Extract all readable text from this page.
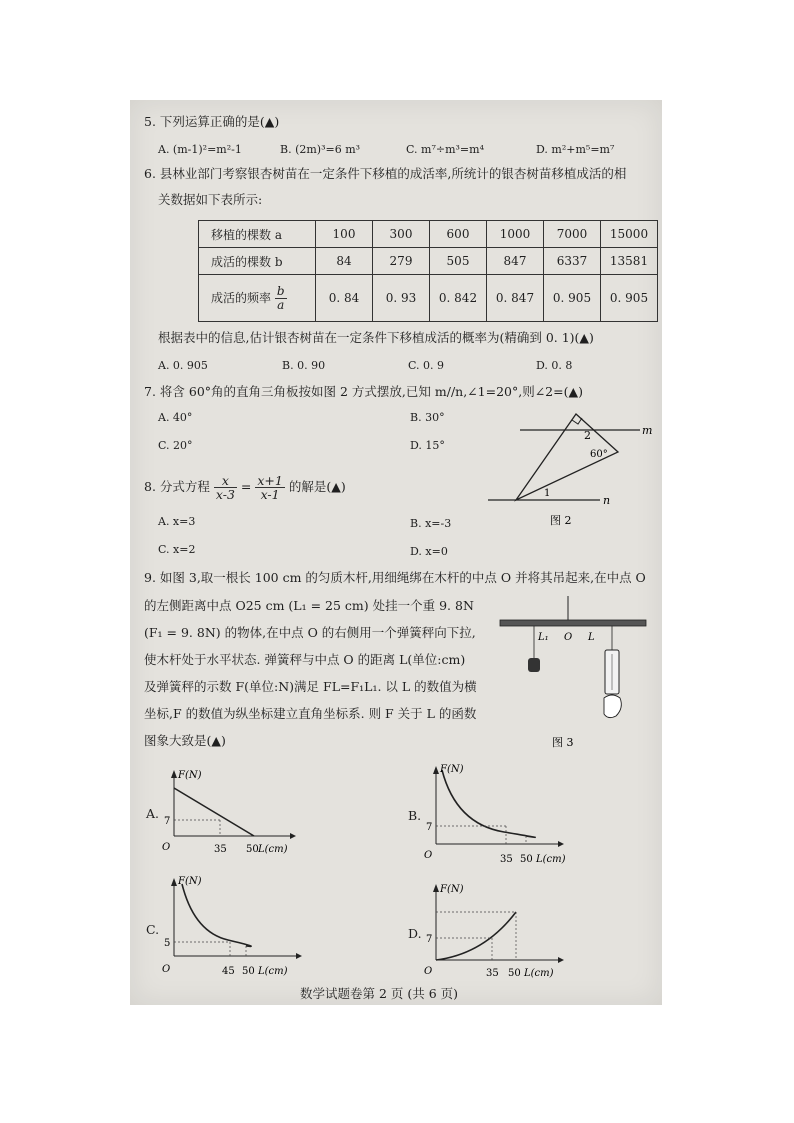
5. 下列运算正确的是(▲)
A. (m-1)²=m²-1	B. (2m)³=6 m³	C. m⁷÷m³=m⁴	D. m²+m⁵=m⁷
6. 县林业部门考察银杏树苗在一定条件下移植的成活率,所统计的银杏树苗移植成活的相
关数据如下表所示:
移植的棵数 a	100	300	600	1000	7000	15000
成活的棵数 b	84	279	505	847	6337	13581
成活的频率 $\frac{b}{a}$	0. 84	0. 93	0. 842	0. 847	0. 905	0. 905
根据表中的信息,估计银杏树苗在一定条件下移植成活的概率为(精确到 0. 1)(▲)
A. 0. 905	B. 0. 90	C. 0. 9	D. 0. 8
7. 将含 60°角的直角三角板按如图 2 方式摆放,已知 m//n,∠1=20°,则∠2=(▲)
A. 40°	B. 30°
C. 20°	D. 15°
2	m
60°
1
n
图 2
8. 分式方程 $\frac{x}{x-3} = \frac{x+1}{x-1}$ 的解是(▲)
A. x=3	B. x=-3
C. x=2	D. x=0
9. 如图 3,取一根长 100 cm 的匀质木杆,用细绳绑在木杆的中点 O 并将其吊起来,在中点 O
的左侧距离中点 O25 cm (L₁ = 25 cm) 处挂一个重 9. 8N
(F₁ = 9. 8N) 的物体,在中点 O 的右侧用一个弹簧秤向下拉,
使木杆处于水平状态. 弹簧秤与中点 O 的距离 L(单位:cm)
及弹簧秤的示数 F(单位:N)满足 FL=F₁L₁. 以 L 的数值为横
坐标,F 的数值为纵坐标建立直角坐标系. 则 F 关于 L 的函数
图象大致是(▲)
L₁ O L
图 3
A.
F(N)
7
O	35 50 L(cm)
B.
F(N)
7
O	35 50 L(cm)
C.
F(N)
5
O	45 50 L(cm)
D.
F(N)
7
O	35 50 L(cm)
数学试题卷第 2 页 (共 6 页)
